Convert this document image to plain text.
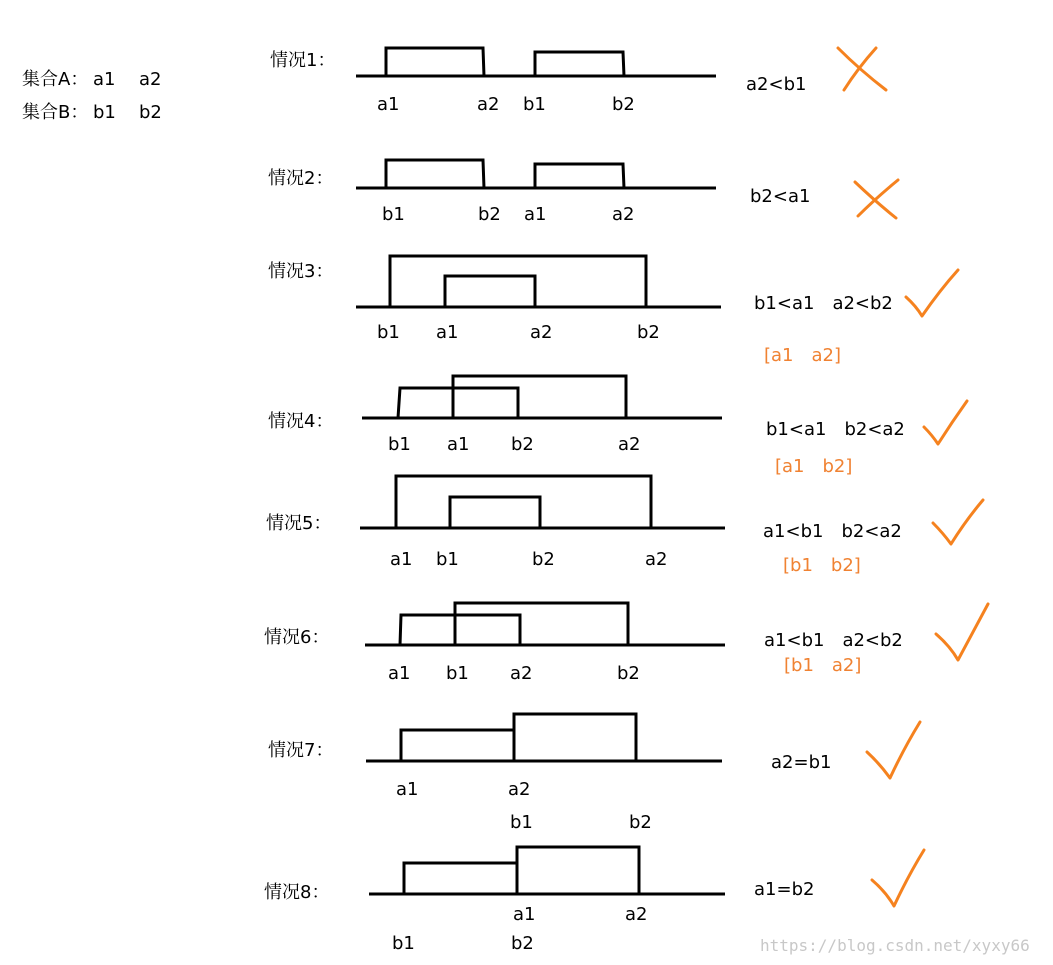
集合A： a1 a2
集合B： b1 b2
情况1：
a1	a2 b1	b2
a2<b1
情况2：
b1	b2 a1	a2
b2<a1
情况3：
b1 a1	a2	b2
b1<a1　a2<b2
[a1　a2]
情况4：
b1 a1 b2	a2
b1<a1　b2<a2
[a1　b2]
情况5：
a1 b1	b2	a2
a1<b1　b2<a2
[b1　b2]
情况6：
a1 b1 a2	b2
a1<b1　a2<b2
[b1　a2]
情况7：
a1	a2
b1	b2
a2=b1
情况8：
a1	a2
b1	b2
a1=b2
https://blog.csdn.net/xyxy66
